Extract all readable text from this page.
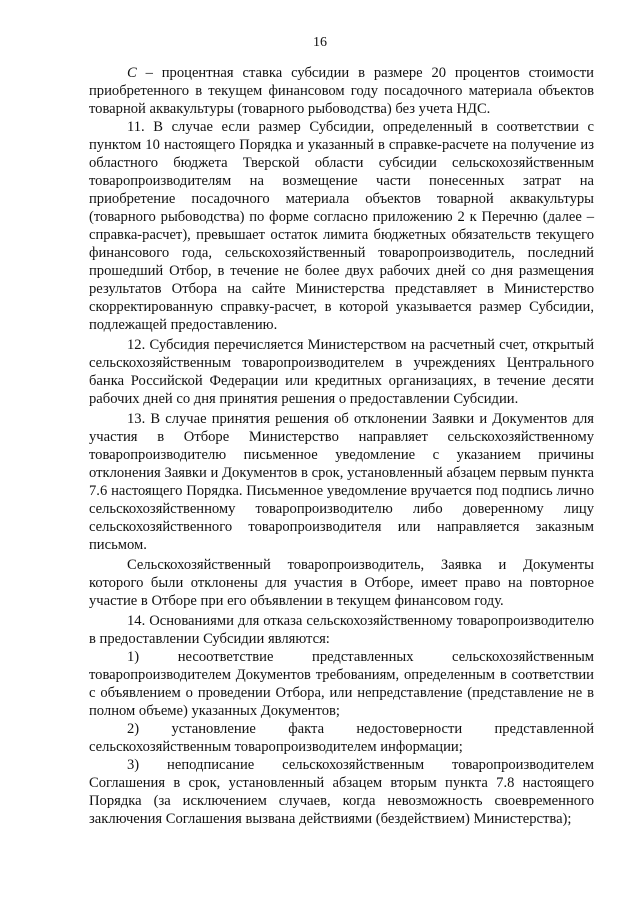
16

С – процентная ставка субсидии в размере 20 процентов стоимости приобретенного в текущем финансовом году посадочного материала объектов товарной аквакультуры (товарного рыбоводства) без учета НДС.

11. В случае если размер Субсидии, определенный в соответствии с пунктом 10 настоящего Порядка и указанный в справке-расчете на получение из областного бюджета Тверской области субсидии сельскохозяйственным товаропроизводителям на возмещение части понесенных затрат на приобретение посадочного материала объектов товарной аквакультуры (товарного рыбоводства) по форме согласно приложению 2 к Перечню (далее – справка-расчет), превышает остаток лимита бюджетных обязательств текущего финансового года, сельскохозяйственный товаропроизводитель, последний прошедший Отбор, в течение не более двух рабочих дней со дня размещения результатов Отбора на сайте Министерства представляет в Министерство скорректированную справку-расчет, в которой указывается размер Субсидии, подлежащей предоставлению.

12. Субсидия перечисляется Министерством на расчетный счет, открытый сельскохозяйственным товаропроизводителем в учреждениях Центрального банка Российской Федерации или кредитных организациях, в течение десяти рабочих дней со дня принятия решения о предоставлении Субсидии.

13. В случае принятия решения об отклонении Заявки и Документов для участия в Отборе Министерство направляет сельскохозяйственному товаропроизводителю письменное уведомление с указанием причины отклонения Заявки и Документов в срок, установленный абзацем первым пункта 7.6 настоящего Порядка. Письменное уведомление вручается под подпись лично сельскохозяйственному товаропроизводителю либо доверенному лицу сельскохозяйственного товаропроизводителя или направляется заказным письмом.

Сельскохозяйственный товаропроизводитель, Заявка и Документы которого были отклонены для участия в Отборе, имеет право на повторное участие в Отборе при его объявлении в текущем финансовом году.

14. Основаниями для отказа сельскохозяйственному товаропроизводителю в предоставлении Субсидии являются:

1) несоответствие представленных сельскохозяйственным товаропроизводителем Документов требованиям, определенным в соответствии с объявлением о проведении Отбора, или непредставление (представление не в полном объеме) указанных Документов;

2) установление факта недостоверности представленной сельскохозяйственным товаропроизводителем информации;

3) неподписание сельскохозяйственным товаропроизводителем Соглашения в срок, установленный абзацем вторым пункта 7.8 настоящего Порядка (за исключением случаев, когда невозможность своевременного заключения Соглашения вызвана действиями (бездействием) Министерства);
